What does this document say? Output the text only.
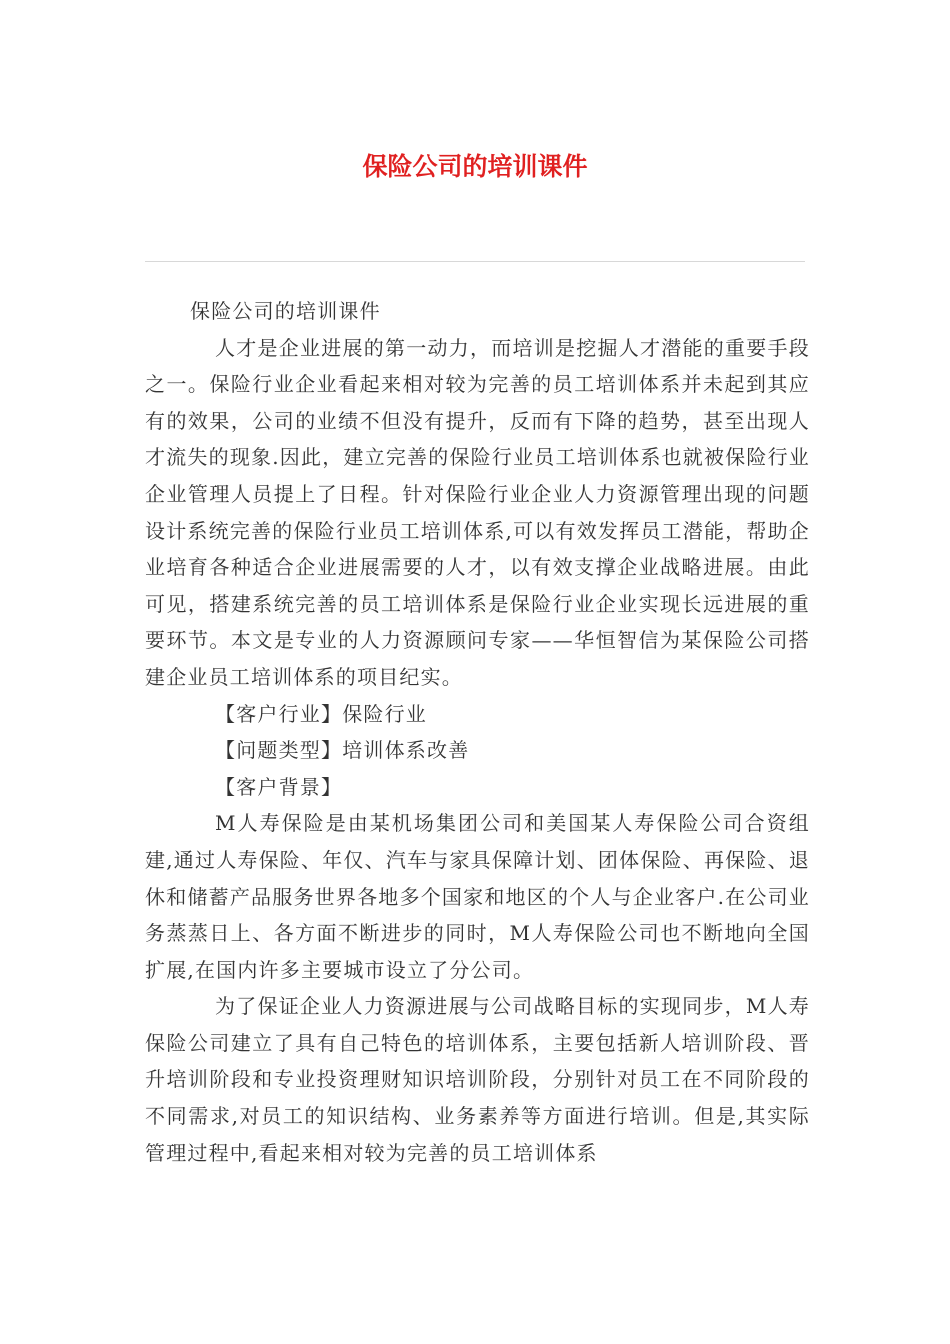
保险公司的培训课件

保险公司的培训课件

人才是企业进展的第一动力，而培训是挖掘人才潜能的重要手段之一。保险行业企业看起来相对较为完善的员工培训体系并未起到其应有的效果，公司的业绩不但没有提升，反而有下降的趋势，甚至出现人才流失的现象.因此，建立完善的保险行业员工培训体系也就被保险行业企业管理人员提上了日程。针对保险行业企业人力资源管理出现的问题设计系统完善的保险行业员工培训体系,可以有效发挥员工潜能，帮助企业培育各种适合企业进展需要的人才，以有效支撑企业战略进展。由此可见，搭建系统完善的员工培训体系是保险行业企业实现长远进展的重要环节。本文是专业的人力资源顾问专家——华恒智信为某保险公司搭建企业员工培训体系的项目纪实。

【客户行业】保险行业

【问题类型】培训体系改善

【客户背景】

M人寿保险是由某机场集团公司和美国某人寿保险公司合资组建,通过人寿保险、年仅、汽车与家具保障计划、团体保险、再保险、退休和储蓄产品服务世界各地多个国家和地区的个人与企业客户.在公司业务蒸蒸日上、各方面不断进步的同时，M人寿保险公司也不断地向全国扩展,在国内许多主要城市设立了分公司。

为了保证企业人力资源进展与公司战略目标的实现同步，M人寿保险公司建立了具有自己特色的培训体系，主要包括新人培训阶段、晋升培训阶段和专业投资理财知识培训阶段，分别针对员工在不同阶段的不同需求,对员工的知识结构、业务素养等方面进行培训。但是,其实际管理过程中,看起来相对较为完善的员工培训体系
